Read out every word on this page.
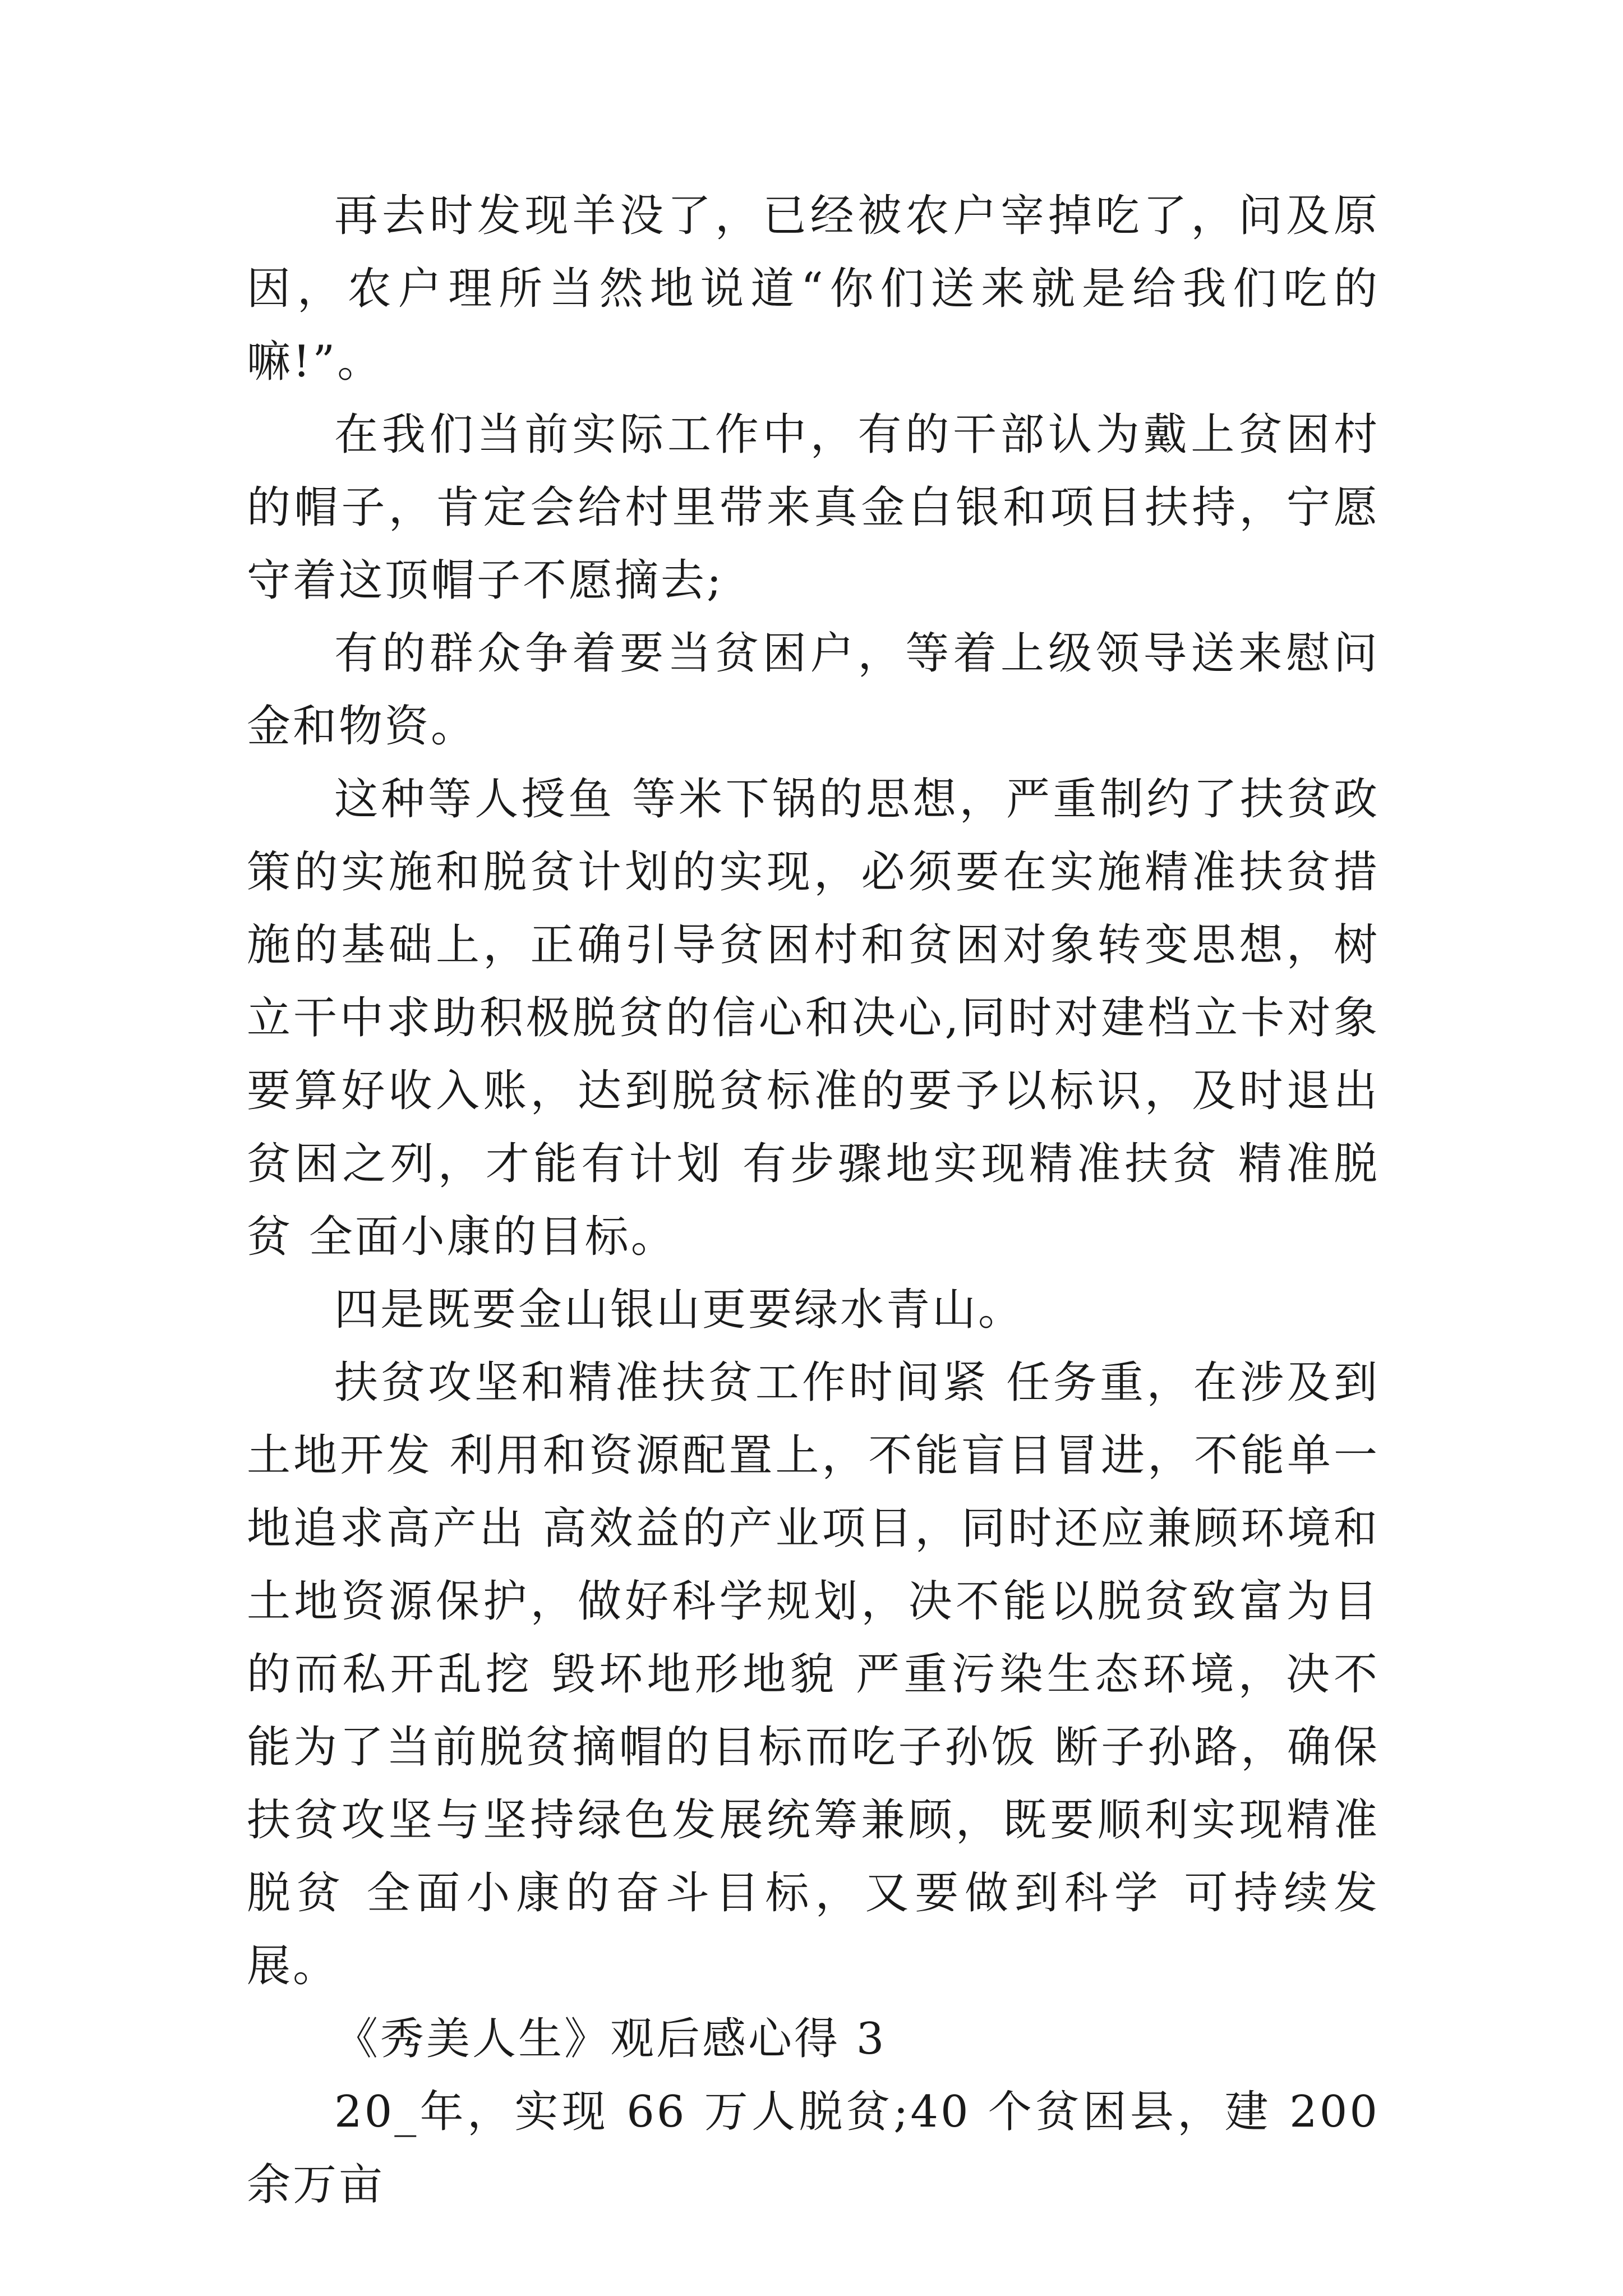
再去时发现羊没了，已经被农户宰掉吃了，问及原因，农户理所当然地说道“你们送来就是给我们吃的嘛!”。

在我们当前实际工作中，有的干部认为戴上贫困村的帽子，肯定会给村里带来真金白银和项目扶持，宁愿守着这顶帽子不愿摘去;

有的群众争着要当贫困户，等着上级领导送来慰问金和物资。

这种等人授鱼 等米下锅的思想，严重制约了扶贫政策的实施和脱贫计划的实现，必须要在实施精准扶贫措施的基础上，正确引导贫困村和贫困对象转变思想，树立干中求助积极脱贫的信心和决心,同时对建档立卡对象要算好收入账，达到脱贫标准的要予以标识，及时退出贫困之列，才能有计划 有步骤地实现精准扶贫 精准脱贫 全面小康的目标。

四是既要金山银山更要绿水青山。

扶贫攻坚和精准扶贫工作时间紧 任务重，在涉及到土地开发 利用和资源配置上，不能盲目冒进，不能单一地追求高产出 高效益的产业项目，同时还应兼顾环境和土地资源保护，做好科学规划，决不能以脱贫致富为目的而私开乱挖 毁坏地形地貌 严重污染生态环境，决不能为了当前脱贫摘帽的目标而吃子孙饭 断子孙路，确保扶贫攻坚与坚持绿色发展统筹兼顾，既要顺利实现精准脱贫 全面小康的奋斗目标，又要做到科学 可持续发展。

《秀美人生》观后感心得 3

20_年，实现 66 万人脱贫;40 个贫困县，建 200 余万亩
